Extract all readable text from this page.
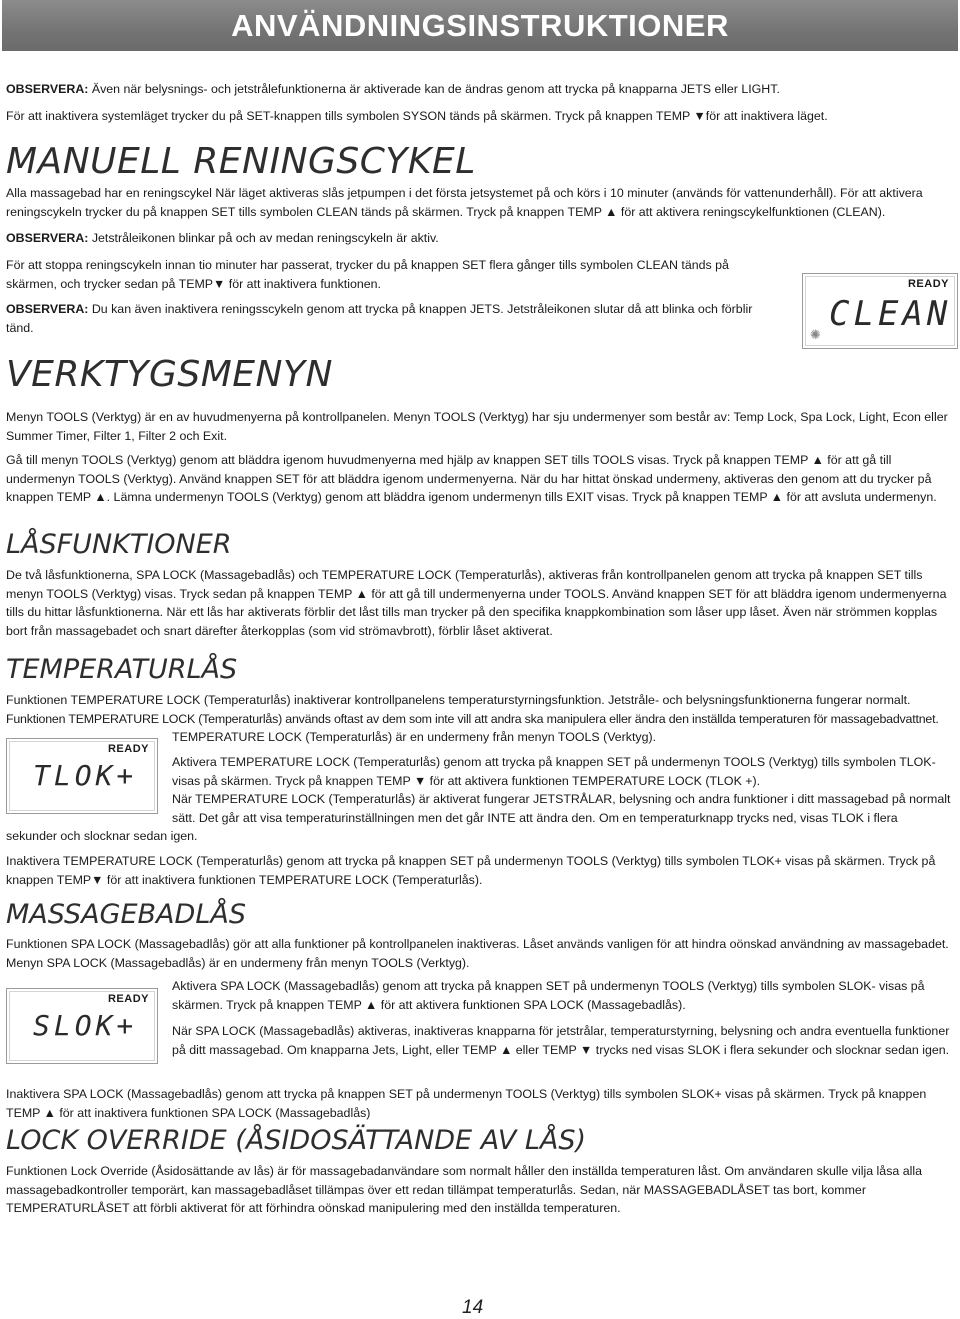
ANVÄNDNINGSINSTRUKTIONER

OBSERVERA: Även när belysnings- och jetstrålefunktionerna är aktiverade kan de ändras genom att trycka på knapparna JETS eller LIGHT.

För att inaktivera systemläget trycker du på SET-knappen tills symbolen SYSON tänds på skärmen. Tryck på knappen TEMP ▼för att inaktivera läget.

MANUELL RENINGSCYKEL

Alla massagebad har en reningscykel När läget aktiveras slås jetpumpen i det första jetsystemet på och körs i 10 minuter (används för vattenunderhåll). För att aktivera reningscykeln trycker du på knappen SET tills symbolen CLEAN tänds på skärmen. Tryck på knappen TEMP ▲ för att aktivera reningscykelfunktionen (CLEAN).

OBSERVERA: Jetstråleikonen blinkar på och av medan reningscykeln är aktiv.

För att stoppa reningscykeln innan tio minuter har passerat, trycker du på knappen SET flera gånger tills symbolen CLEAN tänds på skärmen, och trycker sedan på TEMP▼ för att inaktivera funktionen.

OBSERVERA: Du kan även inaktivera reningsscykeln genom att trycka på knappen JETS. Jetstråleikonen slutar då att blinka och förblir tänd.

READY
CLEAN
✺
VERKTYGSMENYN

Menyn TOOLS (Verktyg) är en av huvudmenyerna på kontrollpanelen. Menyn TOOLS (Verktyg) har sju undermenyer som består av: Temp Lock, Spa Lock, Light, Econ eller Summer Timer, Filter 1, Filter 2 och Exit.

Gå till menyn TOOLS (Verktyg) genom att bläddra igenom huvudmenyerna med hjälp av knappen SET tills TOOLS visas. Tryck på knappen TEMP ▲ för att gå till undermenyn TOOLS (Verktyg). Använd knappen SET för att bläddra igenom undermenyerna. När du har hittat önskad undermeny, aktiveras den genom att du trycker på knappen TEMP ▲. Lämna undermenyn TOOLS (Verktyg) genom att bläddra igenom undermenyn tills EXIT visas. Tryck på knappen TEMP ▲ för att avsluta undermenyn.

LÅSFUNKTIONER

De två låsfunktionerna, SPA LOCK (Massagebadlås) och TEMPERATURE LOCK (Temperaturlås), aktiveras från kontrollpanelen genom att trycka på knappen SET tills menyn TOOLS (Verktyg) visas. Tryck sedan på knappen TEMP ▲ för att gå till undermenyerna under TOOLS. Använd knappen SET för att bläddra igenom undermenyerna tills du hittar låsfunktionerna. När ett lås har aktiverats förblir det låst tills man trycker på den specifika knappkombination som låser upp låset. Även när strömmen kopplas bort från massagebadet och snart därefter återkopplas (som vid strömavbrott), förblir låset aktiverat.

TEMPERATURLÅS

Funktionen TEMPERATURE LOCK (Temperaturlås) inaktiverar kontrollpanelens temperaturstyrningsfunktion. Jetstråle- och belysningsfunktionerna fungerar normalt.

Funktionen TEMPERATURE LOCK (Temperaturlås) används oftast av dem som inte vill att andra ska manipulera eller ändra den inställda temperaturen för massagebadvattnet.

TEMPERATURE LOCK (Temperaturlås) är en undermeny från menyn TOOLS (Verktyg).

Aktivera TEMPERATURE LOCK (Temperaturlås) genom att trycka på knappen SET på undermenyn TOOLS (Verktyg) tills symbolen TLOK- visas på skärmen. Tryck på knappen TEMP ▼ för att aktivera funktionen TEMPERATURE LOCK (TLOK +).

När TEMPERATURE LOCK (Temperaturlås) är aktiverat fungerar JETSTRÅLAR, belysning och andra funktioner i ditt massagebad på normalt sätt. Det går att visa temperaturinställningen men det går INTE att ändra den. Om en temperaturknapp trycks ned, visas TLOK i flera

sekunder och slocknar sedan igen.

Inaktivera TEMPERATURE LOCK (Temperaturlås) genom att trycka på knappen SET på undermenyn TOOLS (Verktyg) tills symbolen TLOK+ visas på skärmen. Tryck på knappen TEMP▼ för att inaktivera funktionen TEMPERATURE LOCK (Temperaturlås).

READY
TLOK+
MASSAGEBADLÅS

Funktionen SPA LOCK (Massagebadlås) gör att alla funktioner på kontrollpanelen inaktiveras. Låset används vanligen för att hindra oönskad användning av massagebadet. Menyn SPA LOCK (Massagebadlås) är en undermeny från menyn TOOLS (Verktyg).

Aktivera SPA LOCK (Massagebadlås) genom att trycka på knappen SET på undermenyn TOOLS (Verktyg) tills symbolen SLOK- visas på skärmen. Tryck på knappen TEMP ▲ för att aktivera funktionen SPA LOCK (Massagebadlås).

När SPA LOCK (Massagebadlås) aktiveras, inaktiveras knapparna för jetstrålar, temperaturstyrning, belysning och andra eventuella funktioner på ditt massagebad. Om knapparna Jets, Light, eller TEMP ▲ eller TEMP ▼ trycks ned visas SLOK i flera sekunder och slocknar sedan igen.

Inaktivera SPA LOCK (Massagebadlås) genom att trycka på knappen SET på undermenyn TOOLS (Verktyg) tills symbolen SLOK+ visas på skärmen. Tryck på knappen TEMP ▲ för att inaktivera funktionen SPA LOCK (Massagebadlås)

READY
SLOK+
LOCK OVERRIDE (ÅSIDOSÄTTANDE AV LÅS)

Funktionen Lock Override (Åsidosättande av lås) är för massagebadanvändare som normalt håller den inställda temperaturen låst. Om användaren skulle vilja låsa alla massagebadkontroller temporärt, kan massagebadlåset tillämpas över ett redan tillämpat temperaturlås. Sedan, när MASSAGEBADLÅSET tas bort, kommer TEMPERATURLÅSET att förbli aktiverat för att förhindra oönskad manipulering med den inställda temperaturen.

14
